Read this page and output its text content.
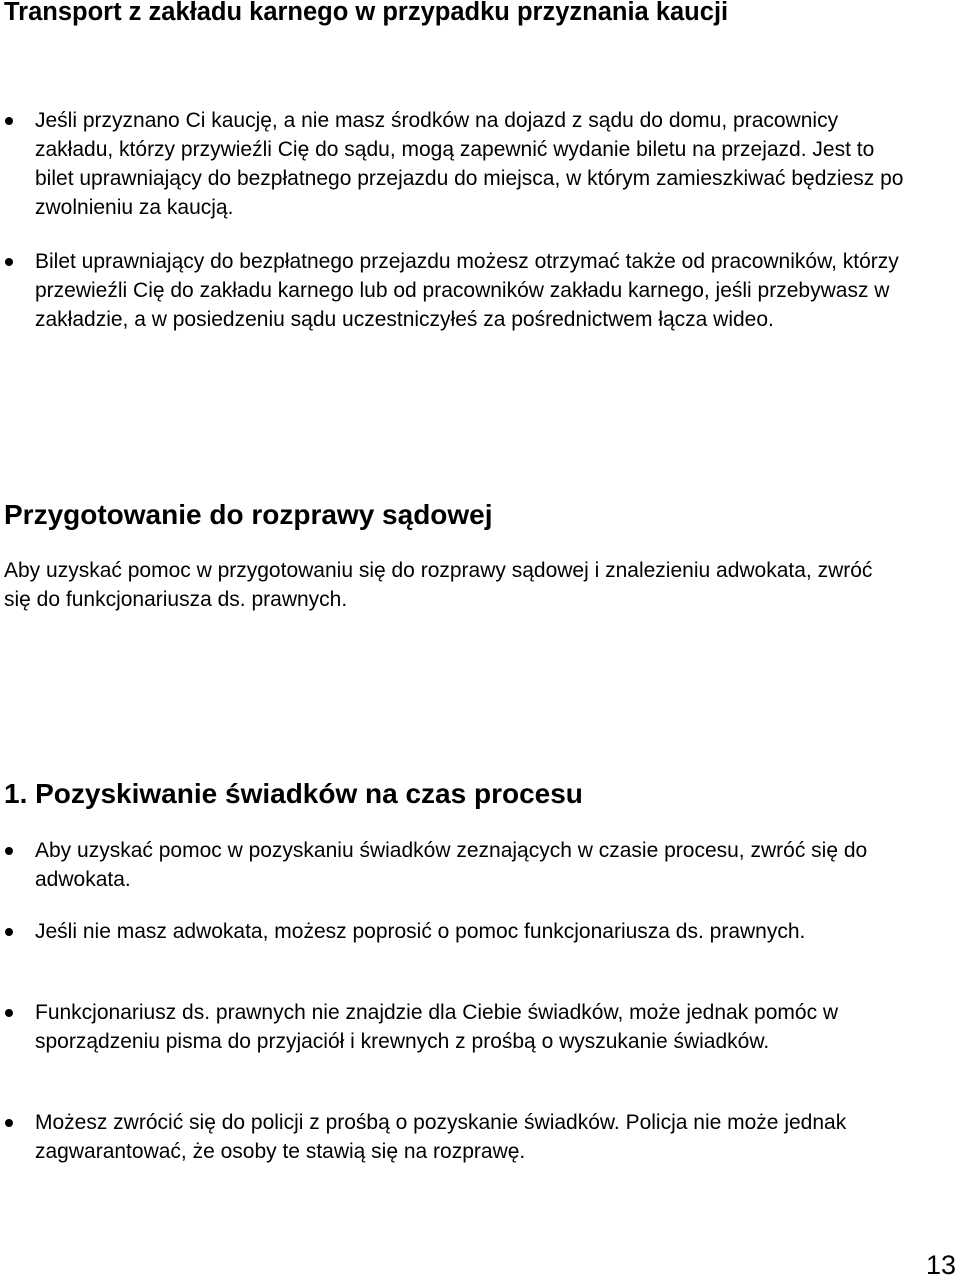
Transport z zakładu karnego w przypadku przyznania kaucji
Jeśli przyznano Ci kaucję, a nie masz środków na dojazd z sądu do domu, pracownicy zakładu, którzy przywieźli Cię do sądu, mogą zapewnić wydanie biletu na przejazd. Jest to bilet uprawniający do bezpłatnego przejazdu do miejsca, w którym zamieszkiwać będziesz po zwolnieniu za kaucją.
Bilet uprawniający do bezpłatnego przejazdu możesz otrzymać także od pracowników, którzy przewieźli Cię do zakładu karnego lub od pracowników zakładu karnego, jeśli przebywasz w zakładzie, a w posiedzeniu sądu uczestniczyłeś za pośrednictwem łącza wideo.
Przygotowanie do rozprawy sądowej
Aby uzyskać pomoc w przygotowaniu się do rozprawy sądowej i znalezieniu adwokata, zwróć się do funkcjonariusza ds. prawnych.
1. Pozyskiwanie świadków na czas procesu
Aby uzyskać pomoc w pozyskaniu świadków zeznających w czasie procesu, zwróć się do adwokata.
Jeśli nie masz adwokata, możesz poprosić o pomoc funkcjonariusza ds. prawnych.
Funkcjonariusz ds. prawnych nie znajdzie dla Ciebie świadków, może jednak pomóc w sporządzeniu pisma do przyjaciół i krewnych z prośbą o wyszukanie świadków.
Możesz zwrócić się do policji z prośbą o pozyskanie świadków. Policja nie może jednak zagwarantować, że osoby te stawią się na rozprawę.
13
